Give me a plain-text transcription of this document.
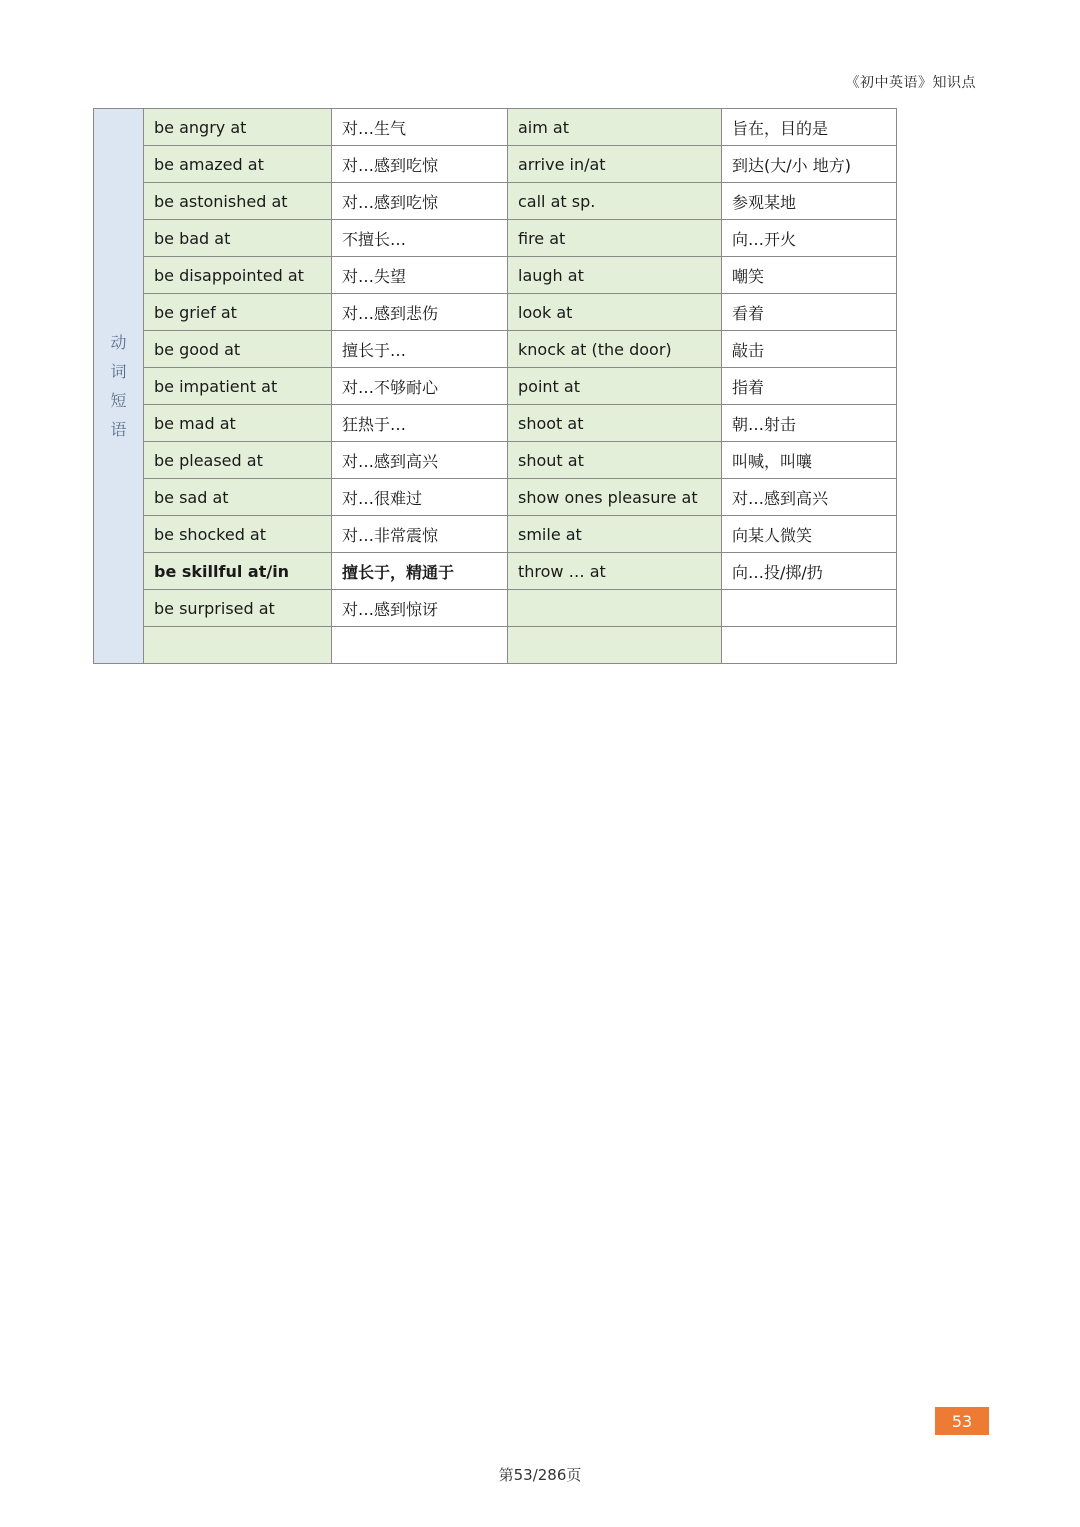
《初中英语》知识点
动词短语	be angry at	对…生气	aim at	旨在，目的是
	be amazed at	对…感到吃惊	arrive in/at	到达(大/小 地方)
	be astonished at	对…感到吃惊	call at sp.	参观某地
	be bad at	不擅长…	fire at	向…开火
	be disappointed at	对…失望	laugh at	嘲笑
	be grief at	对…感到悲伤	look at	看着
	be good at	擅长于…	knock at (the door)	敲击
	be impatient at	对…不够耐心	point at	指着
	be mad at	狂热于…	shoot at	朝…射击
	be pleased at	对…感到高兴	shout at	叫喊，叫嚷
	be sad at	对…很难过	show ones pleasure at	对…感到高兴
	be shocked at	对…非常震惊	smile at	向某人微笑
	be skillful at/in	擅长于，精通于	throw … at	向…投/掷/扔
	be surprised at	对…感到惊讶		

53
第53/286页
